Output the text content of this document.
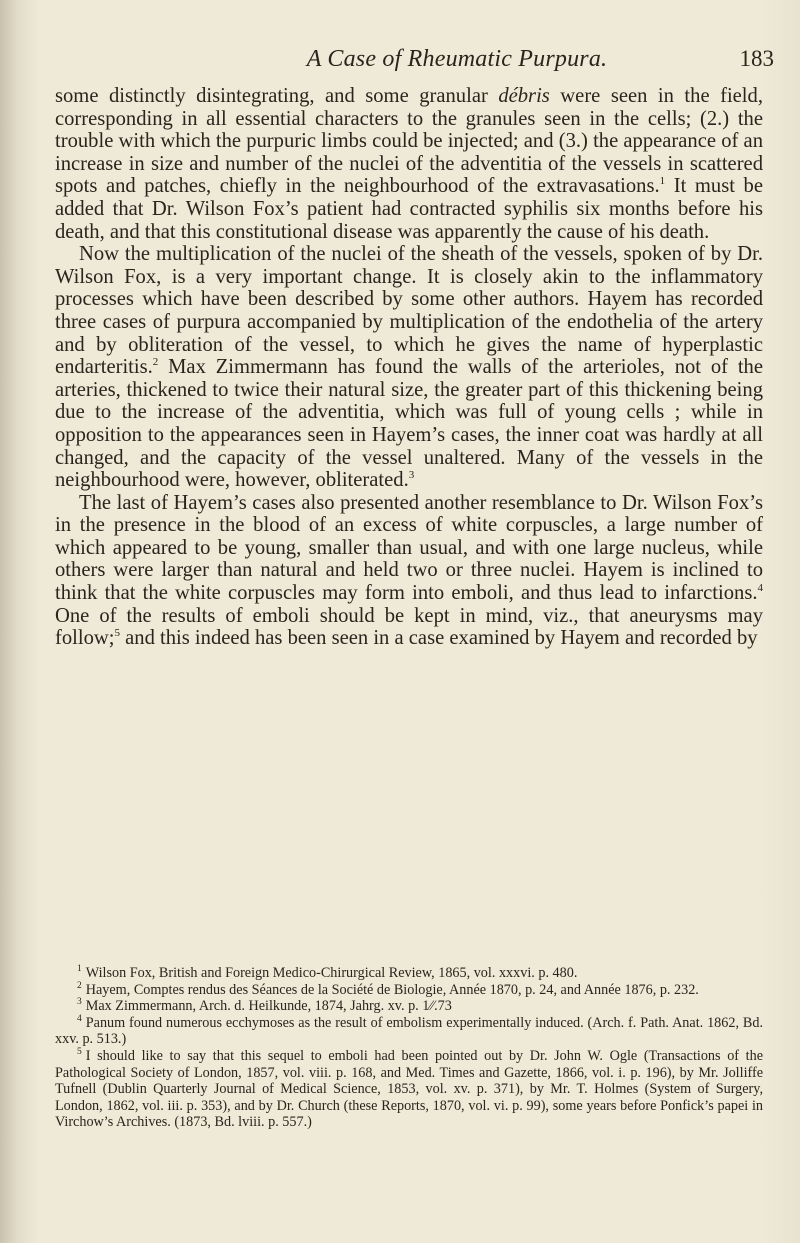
A Case of Rheumatic Purpura.	183

some distinctly disintegrating, and some granular débris were seen in the field, corresponding in all essential characters to the granules seen in the cells; (2.) the trouble with which the purpuric limbs could be injected; and (3.) the appearance of an increase in size and number of the nuclei of the adventitia of the vessels in scattered spots and patches, chiefly in the neighbourhood of the extravasations.$^1$ It must be added that Dr. Wilson Fox’s patient had contracted syphilis six months before his death, and that this constitutional disease was apparently the cause of his death.

Now the multiplication of the nuclei of the sheath of the vessels, spoken of by Dr. Wilson Fox, is a very important change. It is closely akin to the inflammatory processes which have been described by some other authors. Hayem has recorded three cases of purpura accompanied by multiplication of the endothelia of the artery and by obliteration of the vessel, to which he gives the name of hyperplastic endarteritis.$^2$ Max Zimmermann has found the walls of the arterioles, not of the arteries, thickened to twice their natural size, the greater part of this thickening being due to the increase of the adventitia, which was full of young cells ; while in opposition to the appearances seen in Hayem’s cases, the inner coat was hardly at all changed, and the capacity of the vessel unaltered. Many of the vessels in the neighbourhood were, however, obliterated.$^3$

The last of Hayem’s cases also presented another resemblance to Dr. Wilson Fox’s in the presence in the blood of an excess of white corpuscles, a large number of which appeared to be young, smaller than usual, and with one large nucleus, while others were larger than natural and held two or three nuclei. Hayem is inclined to think that the white corpuscles may form into emboli, and thus lead to infarctions.$^4$ One of the results of emboli should be kept in mind, viz., that aneurysms may follow;$^5$ and this indeed has been seen in a case examined by Hayem and recorded by

$^1$ Wilson Fox, British and Foreign Medico-Chirurgical Review, 1865, vol. xxxvi. p. 480.

$^2$ Hayem, Comptes rendus des Séances de la Société de Biologie, Année 1870, p. 24, and Année 1876, p. 232.

$^3$ Max Zimmermann, Arch. d. Heilkunde, 1874, Jahrg. xv. p. 1⁄⁄.73

$^4$ Panum found numerous ecchymoses as the result of embolism experimentally induced. (Arch. f. Path. Anat. 1862, Bd. xxv. p. 513.)

$^5$ I should like to say that this sequel to emboli had been pointed out by Dr. John W. Ogle (Transactions of the Pathological Society of London, 1857, vol. viii. p. 168, and Med. Times and Gazette, 1866, vol. i. p. 196), by Mr. Jolliffe Tufnell (Dublin Quarterly Journal of Medical Science, 1853, vol. xv. p. 371), by Mr. T. Holmes (System of Surgery, London, 1862, vol. iii. p. 353), and by Dr. Church (these Reports, 1870, vol. vi. p. 99), some years before Ponfick’s papei in Virchow’s Archives. (1873, Bd. lviii. p. 557.)
